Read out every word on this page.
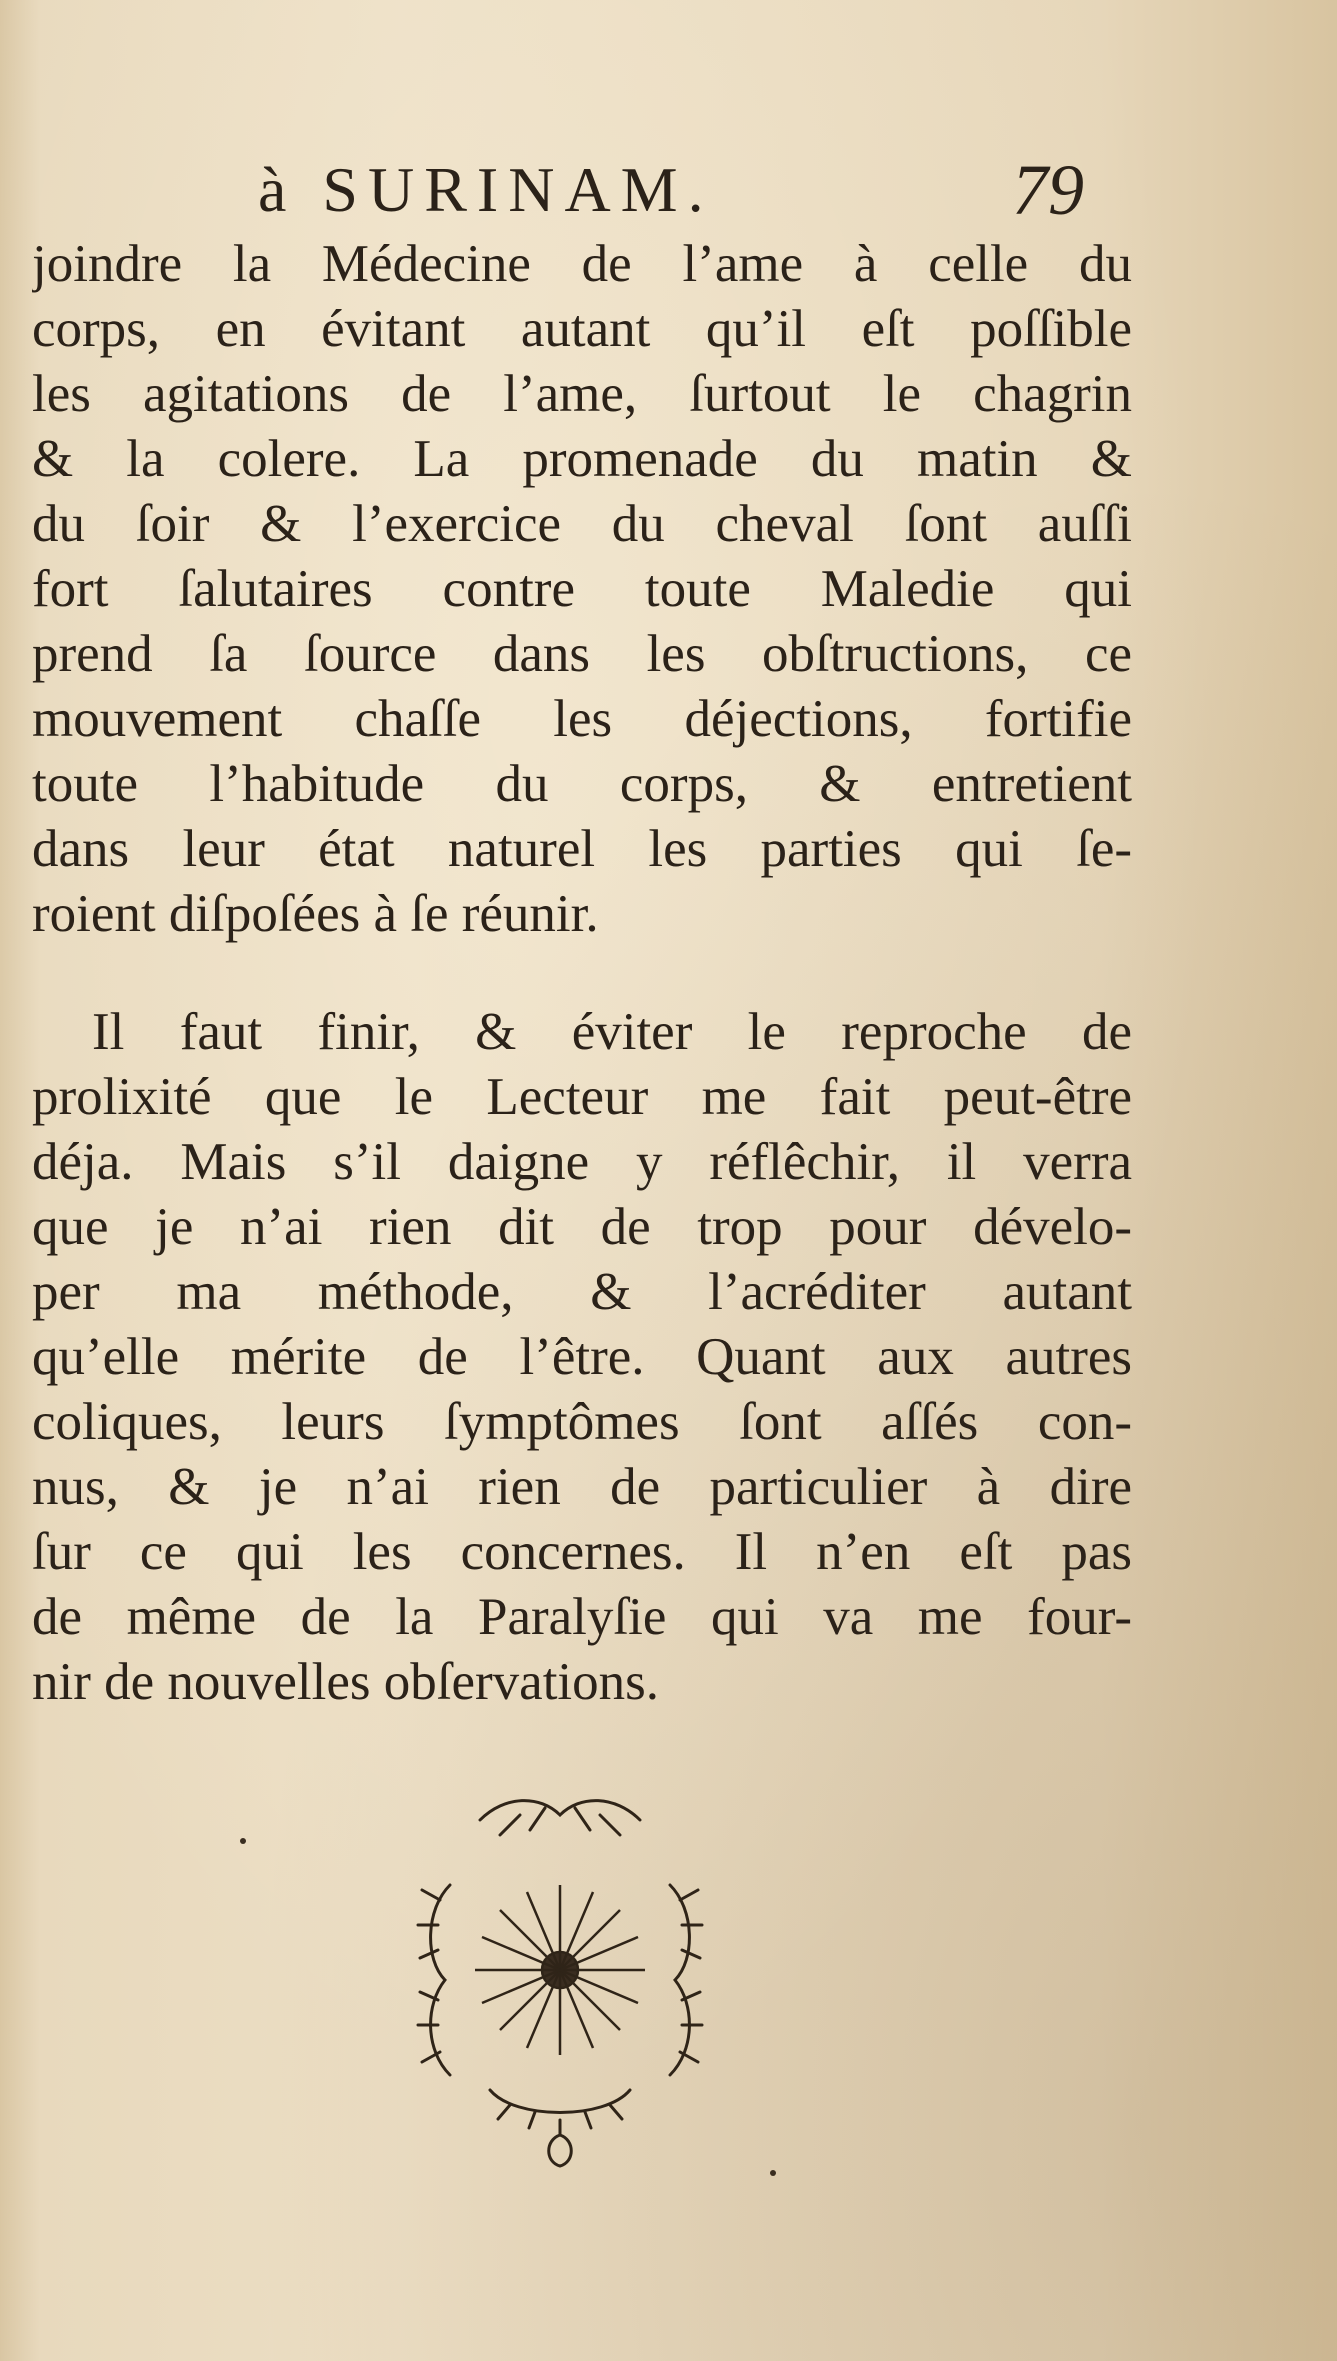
à SURINAM.	79
joindre la Médecine de l’ame à celle du
corps, en évitant autant qu’il eſt poſſible
les agitations de l’ame, ſurtout le chagrin
& la colere. La promenade du matin &
du ſoir & l’exercice du cheval ſont auſſi
fort ſalutaires contre toute Maledie qui
prend ſa ſource dans les obſtructions, ce
mouvement chaſſe les déjections, fortifie
toute l’habitude du corps, & entretient
dans leur état naturel les parties qui ſe-
roient diſpoſées à ſe réunir.
Il faut finir, & éviter le reproche de
prolixité que le Lecteur me fait peut-être
déja. Mais s’il daigne y réflêchir, il verra
que je n’ai rien dit de trop pour dévelo-
per ma méthode, & l’acréditer autant
qu’elle mérite de l’être. Quant aux autres
coliques, leurs ſymptômes ſont aſſés con-
nus, & je n’ai rien de particulier à dire
ſur ce qui les concernes. Il n’en eſt pas
de même de la Paralyſie qui va me four-
nir de nouvelles obſervations.
